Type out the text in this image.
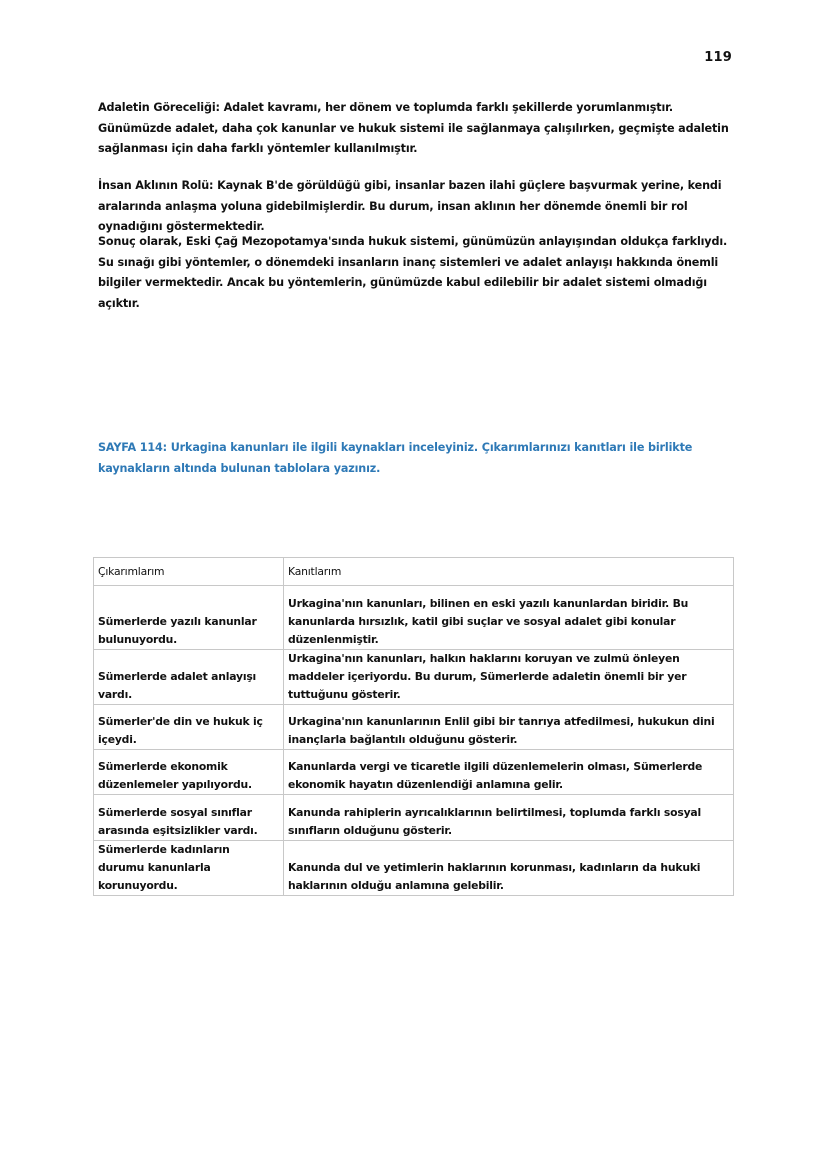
119

Adaletin Göreceliği: Adalet kavramı, her dönem ve toplumda farklı şekillerde yorumlanmıştır. Günümüzde adalet, daha çok kanunlar ve hukuk sistemi ile sağlanmaya çalışılırken, geçmişte adaletin sağlanması için daha farklı yöntemler kullanılmıştır.

İnsan Aklının Rolü: Kaynak B'de görüldüğü gibi, insanlar bazen ilahi güçlere başvurmak yerine, kendi aralarında anlaşma yoluna gidebilmişlerdir. Bu durum, insan aklının her dönemde önemli bir rol oynadığını göstermektedir.

Sonuç olarak, Eski Çağ Mezopotamya'sında hukuk sistemi, günümüzün anlayışından oldukça farklıydı. Su sınağı gibi yöntemler, o dönemdeki insanların inanç sistemleri ve adalet anlayışı hakkında önemli bilgiler vermektedir. Ancak bu yöntemlerin, günümüzde kabul edilebilir bir adalet sistemi olmadığı açıktır.

SAYFA 114: Urkagina kanunları ile ilgili kaynakları inceleyiniz. Çıkarımlarınızı kanıtları ile birlikte kaynakların altında bulunan tablolara yazınız.

Çıkarımlarım	Kanıtlarım
Sümerlerde yazılı kanunlar bulunuyordu.	Urkagina'nın kanunları, bilinen en eski yazılı kanunlardan biridir. Bu kanunlarda hırsızlık, katil gibi suçlar ve sosyal adalet gibi konular düzenlenmiştir.
Sümerlerde adalet anlayışı vardı.	Urkagina'nın kanunları, halkın haklarını koruyan ve zulmü önleyen maddeler içeriyordu. Bu durum, Sümerlerde adaletin önemli bir yer tuttuğunu gösterir.
Sümerler'de din ve hukuk iç içeydi.	Urkagina'nın kanunlarının Enlil gibi bir tanrıya atfedilmesi, hukukun dini inançlarla bağlantılı olduğunu gösterir.
Sümerlerde ekonomik düzenlemeler yapılıyordu.	Kanunlarda vergi ve ticaretle ilgili düzenlemelerin olması, Sümerlerde ekonomik hayatın düzenlendiği anlamına gelir.
Sümerlerde sosyal sınıflar arasında eşitsizlikler vardı.	Kanunda rahiplerin ayrıcalıklarının belirtilmesi, toplumda farklı sosyal sınıfların olduğunu gösterir.
Sümerlerde kadınların durumu kanunlarla korunuyordu.	Kanunda dul ve yetimlerin haklarının korunması, kadınların da hukuki haklarının olduğu anlamına gelebilir.
